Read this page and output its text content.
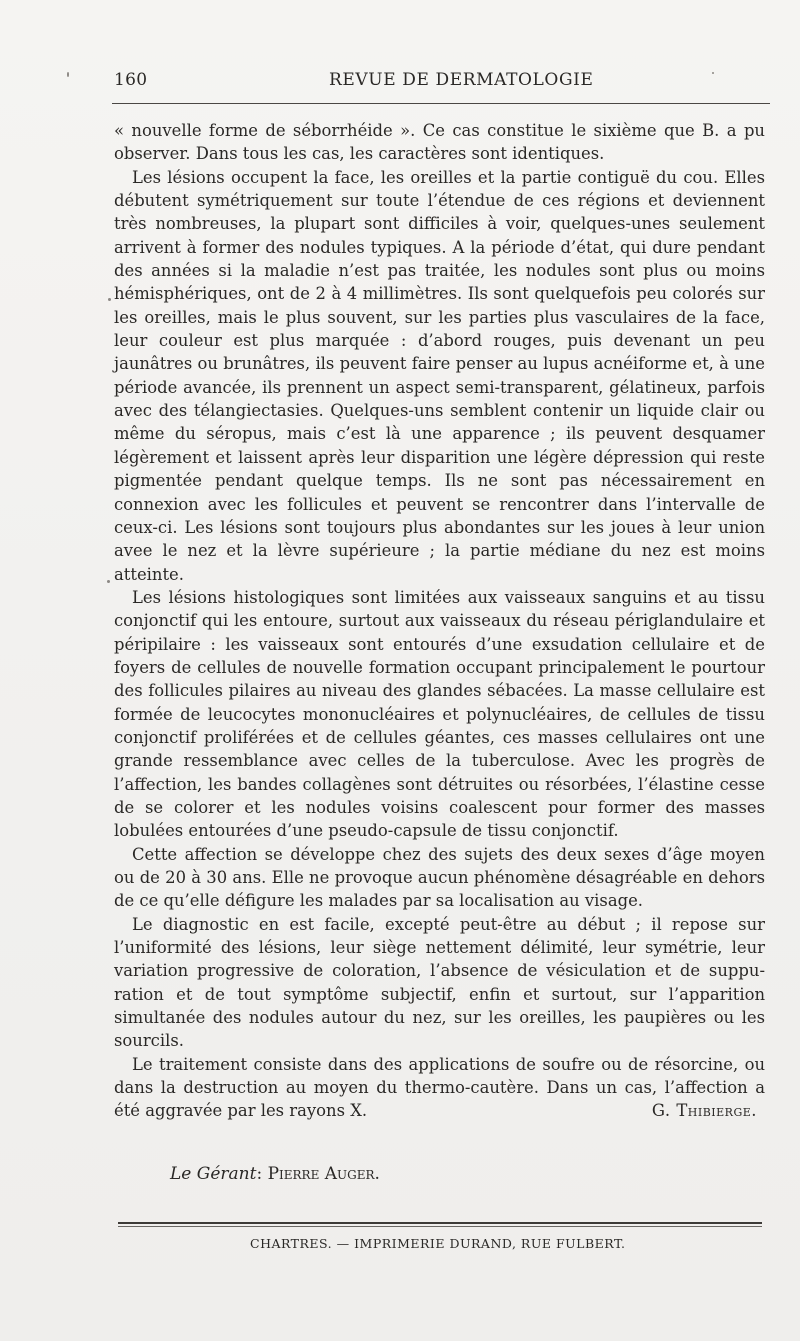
160	REVUE DE DERMATOLOGIE

« nouvelle forme de séborrhéide ». Ce cas constitue le sixième que B. a pu observer. Dans tous les cas, les caractères sont identiques.

Les lésions occupent la face, les oreilles et la partie contiguë du cou. Elles débutent symétriquement sur toute l’étendue de ces régions et deviennent très nombreuses, la plupart sont difficiles à voir, quelques-unes seulement arrivent à former des nodules typiques. A la période d’état, qui dure pendant des années si la maladie n’est pas traitée, les nodules sont plus ou moins hémisphériques, ont de 2 à 4 millimètres. Ils sont quelquefois peu colorés sur les oreilles, mais le plus souvent, sur les parties plus vasculaires de la face, leur couleur est plus marquée : d’abord rouges, puis devenant un peu jaunâtres ou brunâtres, ils peuvent faire penser au lupus acnéiforme et, à une période avancée, ils prennent un aspect semi-transparent, gélatineux, parfois avec des télangiectasies. Quelques-uns semblent contenir un liquide clair ou même du séropus, mais c’est là une apparence ; ils peuvent desquamer légèrement et laissent après leur disparition une légère dépression qui reste pigmentée pendant quelque temps. Ils ne sont pas nécessairement en connexion avec les follicules et peuvent se rencontrer dans l’intervalle de ceux-ci. Les lésions sont toujours plus abondantes sur les joues à leur union avee le nez et la lèvre supérieure ; la partie médiane du nez est moins atteinte.

Les lésions histologiques sont limitées aux vaisseaux sanguins et au tissu conjonctif qui les entoure, surtout aux vaisseaux du réseau périglandulaire et péripilaire : les vaisseaux sont entourés d’une exsudation cellulaire et de foyers de cellules de nouvelle formation occupant principalement le pourtour des follicules pilaires au niveau des glandes sébacées. La masse cellulaire est formée de leucocytes mononucléaires et polynucléaires, de cellules de tissu conjonctif proliférées et de cellules géantes, ces masses cellulaires ont une grande ressemblance avec celles de la tuberculose. Avec les progrès de l’affection, les bandes collagènes sont détruites ou résorbées, l’élastine cesse de se colorer et les nodules voisins coalescent pour former des masses lobulées entourées d’une pseudo-capsule de tissu conjonctif.

Cette affection se développe chez des sujets des deux sexes d’âge moyen ou de 20 à 30 ans. Elle ne provoque aucun phénomène désagréable en dehors de ce qu’elle défigure les malades par sa localisation au visage.

Le diagnostic en est facile, excepté peut-être au début ; il repose sur l’uniformité des lésions, leur siège nettement délimité, leur symétrie, leur variation progressive de coloration, l’absence de vésiculation et de suppuration et de tout symptôme subjectif, enfin et surtout, sur l’apparition simultanée des nodules autour du nez, sur les oreilles, les paupières ou les sourcils.

Le traitement consiste dans des applications de soufre ou de résorcine, ou dans la destruction au moyen du thermo-cautère. Dans un cas, l’affection a été aggravée par les rayons X.	G. Thibierge.

Le Gérant: Pierre Auger.
CHARTRES. — IMPRIMERIE DURAND, RUE FULBERT.
